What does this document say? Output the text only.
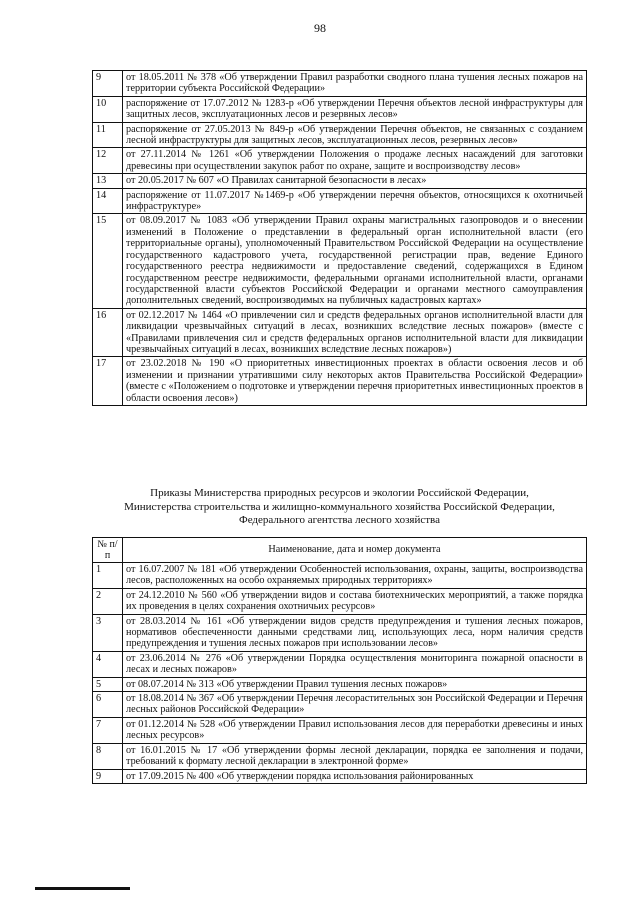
98
9	от 18.05.2011 № 378 «Об утверждении Правил разработки сводного плана тушения лесных пожаров на территории субъекта Российской Федерации»
10	распоряжение от 17.07.2012 № 1283-р «Об утверждении Перечня объектов лесной инфраструктуры для защитных лесов, эксплуатационных лесов и резервных лесов»
11	распоряжение от 27.05.2013 № 849-р «Об утверждении Перечня объектов, не связанных с созданием лесной инфраструктуры для защитных лесов, эксплуатационных лесов, резервных лесов»
12	от 27.11.2014 № 1261 «Об утверждении Положения о продаже лесных насаждений для заготовки древесины при осуществлении закупок работ по охране, защите и воспроизводству лесов»
13	от 20.05.2017 № 607 «О Правилах санитарной безопасности в лесах»
14	распоряжение от 11.07.2017 №1469-р «Об утверждении перечня объектов, относящихся к охотничьей инфраструктуре»
15	от 08.09.2017 № 1083 «Об утверждении Правил охраны магистральных газопроводов и о внесении изменений в Положение о представлении в федеральный орган исполнительной власти (его территориальные органы), уполномоченный Правительством Российской Федерации на осуществление государственного кадастрового учета, государственной регистрации прав, ведение Единого государственного реестра недвижимости и предоставление сведений, содержащихся в Едином государственном реестре недвижимости, федеральными органами исполнительной власти, органами государственной власти субъектов Российской Федерации и органами местного самоуправления дополнительных сведений, воспроизводимых на публичных кадастровых картах»
16	от 02.12.2017 № 1464 «О привлечении сил и средств федеральных органов исполнительной власти для ликвидации чрезвычайных ситуаций в лесах, возникших вследствие лесных пожаров» (вместе с «Правилами привлечения сил и средств федеральных органов исполнительной власти для ликвидации чрезвычайных ситуаций в лесах, возникших вследствие лесных пожаров»)
17	от 23.02.2018 № 190 «О приоритетных инвестиционных проектах в области освоения лесов и об изменении и признании утратившими силу некоторых актов Правительства Российской Федерации» (вместе с «Положением о подготовке и утверждении перечня приоритетных инвестиционных проектов в области освоения лесов»)
Приказы Министерства природных ресурсов и экологии Российской Федерации,
Министерства строительства и жилищно-коммунального хозяйства Российской Федерации,
Федерального агентства лесного хозяйства
№ п/п	Наименование, дата и номер документа
1	от 16.07.2007 № 181 «Об утверждении Особенностей использования, охраны, защиты, воспроизводства лесов, расположенных на особо охраняемых природных территориях»
2	от 24.12.2010 № 560 «Об утверждении видов и состава биотехнических мероприятий, а также порядка их проведения в целях сохранения охотничьих ресурсов»
3	от 28.03.2014 № 161 «Об утверждении видов средств предупреждения и тушения лесных пожаров, нормативов обеспеченности данными средствами лиц, использующих леса, норм наличия средств предупреждения и тушения лесных пожаров при использовании лесов»
4	от 23.06.2014 № 276 «Об утверждении Порядка осуществления мониторинга пожарной опасности в лесах и лесных пожаров»
5	от 08.07.2014 № 313 «Об утверждении Правил тушения лесных пожаров»
6	от 18.08.2014 № 367 «Об утверждении Перечня лесорастительных зон Российской Федерации и Перечня лесных районов Российской Федерации»
7	от 01.12.2014 № 528 «Об утверждении Правил использования лесов для переработки древесины и иных лесных ресурсов»
8	от 16.01.2015 № 17 «Об утверждении формы лесной декларации, порядка ее заполнения и подачи, требований к формату лесной декларации в электронной форме»
9	от 17.09.2015 № 400 «Об утверждении порядка использования районированных
